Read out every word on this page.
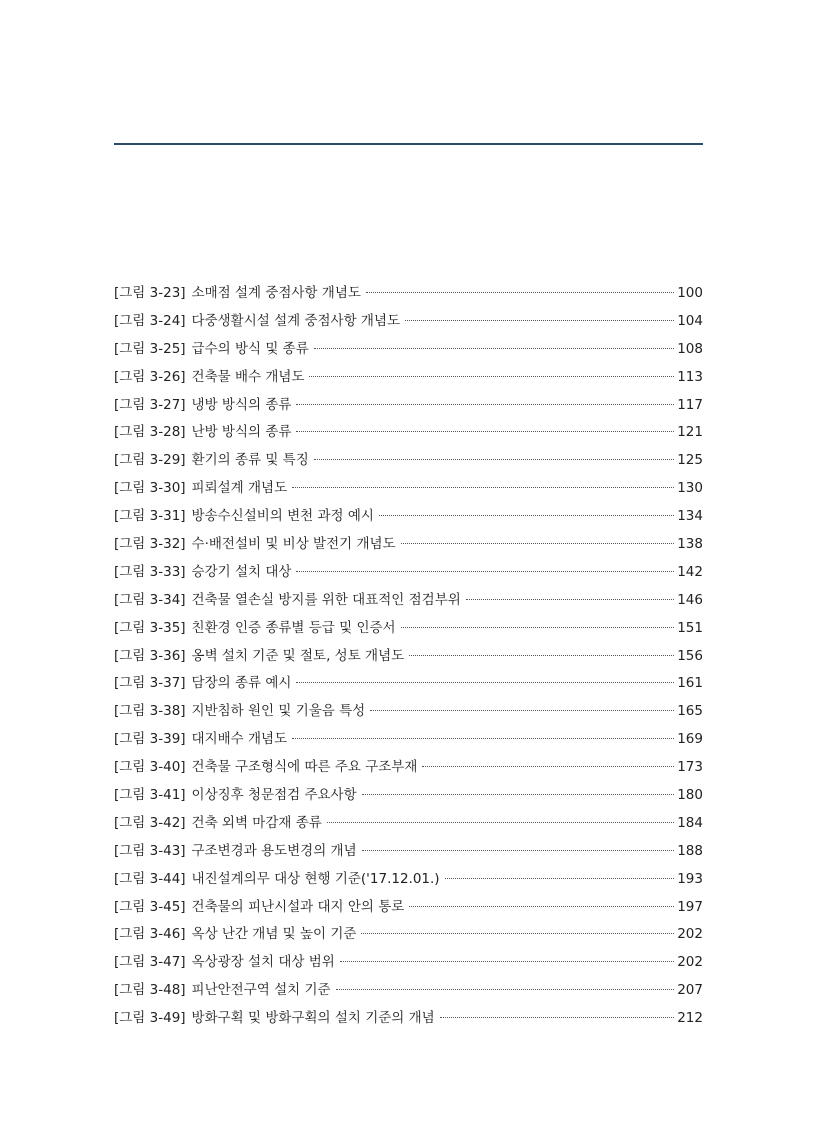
[그림 3-23] 소매점 설계 중점사항 개념도	100
[그림 3-24] 다중생활시설 설계 중점사항 개념도	104
[그림 3-25] 급수의 방식 및 종류	108
[그림 3-26] 건축물 배수 개념도	113
[그림 3-27] 냉방 방식의 종류	117
[그림 3-28] 난방 방식의 종류	121
[그림 3-29] 환기의 종류 및 특징	125
[그림 3-30] 피뢰설계 개념도	130
[그림 3-31] 방송수신설비의 변천 과정 예시	134
[그림 3-32] 수·배전설비 및 비상 발전기 개념도	138
[그림 3-33] 승강기 설치 대상	142
[그림 3-34] 건축물 열손실 방지를 위한 대표적인 점검부위	146
[그림 3-35] 친환경 인증 종류별 등급 및 인증서	151
[그림 3-36] 옹벽 설치 기준 및 절토, 성토 개념도	156
[그림 3-37] 담장의 종류 예시	161
[그림 3-38] 지반침하 원인 및 기울음 특성	165
[그림 3-39] 대지배수 개념도	169
[그림 3-40] 건축물 구조형식에 따른 주요 구조부재	173
[그림 3-41] 이상징후 청문점검 주요사항	180
[그림 3-42] 건축 외벽 마감재 종류	184
[그림 3-43] 구조변경과 용도변경의 개념	188
[그림 3-44] 내진설계의무 대상 현행 기준('17.12.01.)	193
[그림 3-45] 건축물의 피난시설과 대지 안의 통로	197
[그림 3-46] 옥상 난간 개념 및 높이 기준	202
[그림 3-47] 옥상광장 설치 대상 범위	202
[그림 3-48] 피난안전구역 설치 기준	207
[그림 3-49] 방화구획 및 방화구획의 설치 기준의 개념	212
